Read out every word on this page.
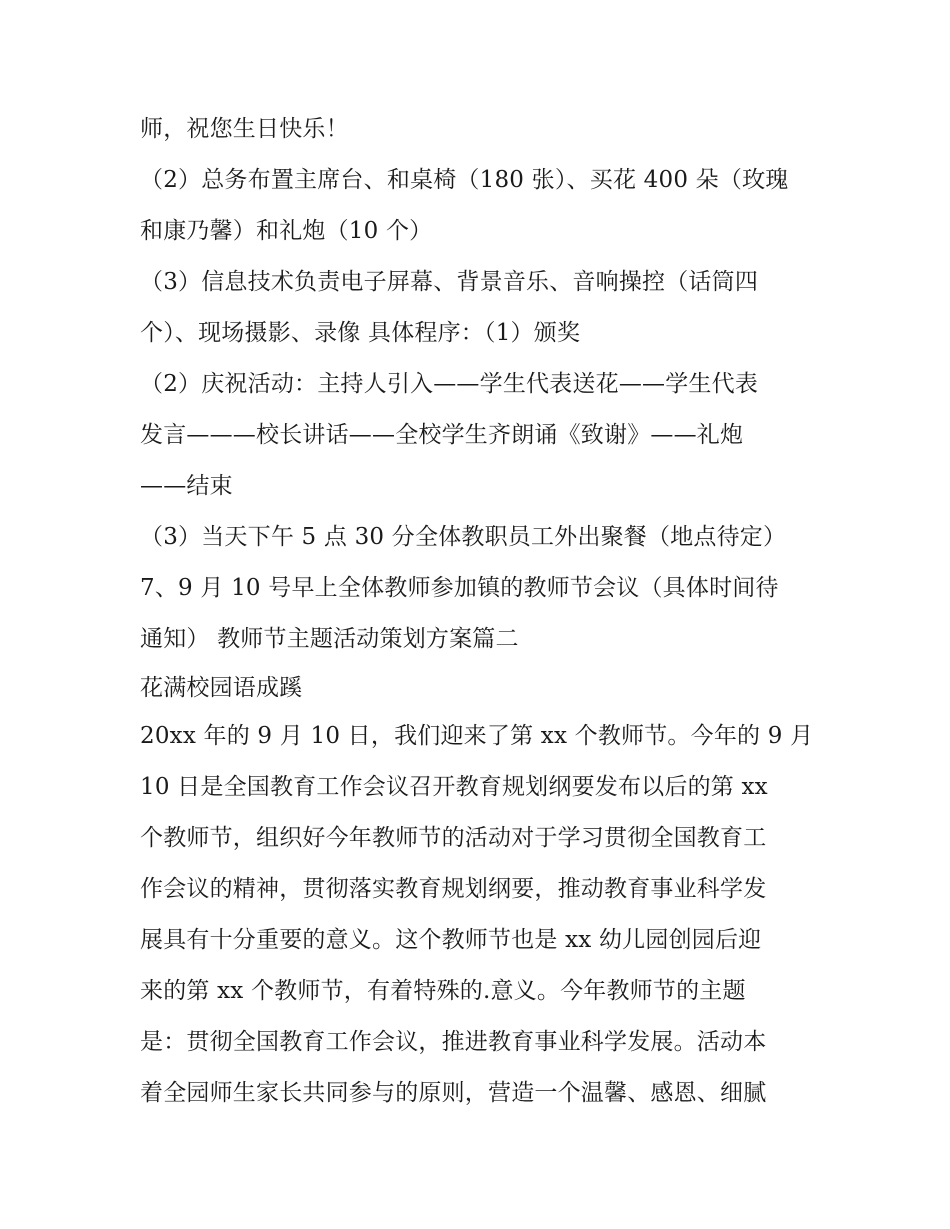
师，祝您生日快乐！
（2）总务布置主席台、和桌椅（180 张）、买花 400 朵（玫瑰
和康乃馨）和礼炮（10 个）
（3）信息技术负责电子屏幕、背景音乐、音响操控（话筒四
个）、现场摄影、录像 具体程序：（1）颁奖
（2）庆祝活动：主持人引入——学生代表送花——学生代表
发言———校长讲话——全校学生齐朗诵《致谢》——礼炮
——结束
（3）当天下午 5 点 30 分全体教职员工外出聚餐（地点待定）
7、9 月 10 号早上全体教师参加镇的教师节会议（具体时间待
通知） 教师节主题活动策划方案篇二
花满校园语成蹊
20xx 年的 9 月 10 日，我们迎来了第 xx 个教师节。今年的 9 月
10 日是全国教育工作会议召开教育规划纲要发布以后的第 xx
个教师节，组织好今年教师节的活动对于学习贯彻全国教育工
作会议的精神，贯彻落实教育规划纲要，推动教育事业科学发
展具有十分重要的意义。这个教师节也是 xx 幼儿园创园后迎
来的第 xx 个教师节，有着特殊的.意义。今年教师节的主题
是：贯彻全国教育工作会议，推进教育事业科学发展。活动本
着全园师生家长共同参与的原则，营造一个温馨、感恩、细腻
